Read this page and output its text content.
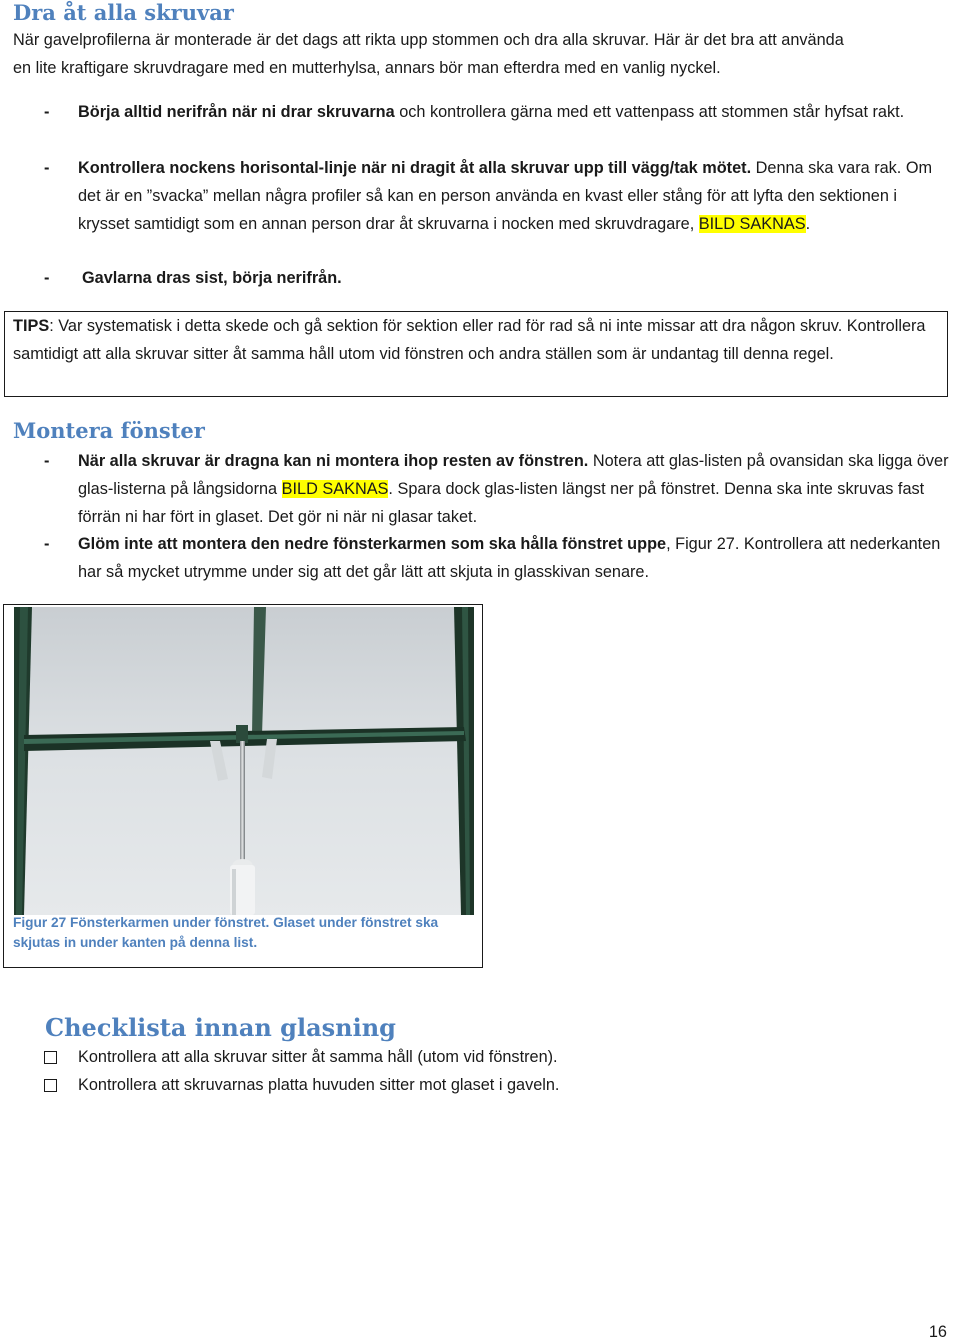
Dra åt alla skruvar

När gavelprofilerna är monterade är det dags att rikta upp stommen och dra alla skruvar. Här är det bra att använda
en lite kraftigare skruvdragare med en mutterhylsa, annars bör man efterdra med en vanlig nyckel.

- Börja alltid nerifrån när ni drar skruvarna och kontrollera gärna med ett vattenpass att stommen står hyfsat rakt.
- Kontrollera nockens horisontal-linje när ni dragit åt alla skruvar upp till vägg/tak mötet. Denna ska vara rak. Om det är en ”svacka” mellan några profiler så kan en person använda en kvast eller stång för att lyfta den sektionen i krysset samtidigt som en annan person drar åt skruvarna i nocken med skruvdragare, BILD SAKNAS.
- Gavlarna dras sist, börja nerifrån.
TIPS: Var systematisk i detta skede och gå sektion för sektion eller rad för rad så ni inte missar att dra någon skruv. Kontrollera samtidigt att alla skruvar sitter åt samma håll utom vid fönstren och andra ställen som är undantag till denna regel.
Montera fönster
- När alla skruvar är dragna kan ni montera ihop resten av fönstren. Notera att glas-listen på ovansidan ska ligga över glas-listerna på långsidorna BILD SAKNAS. Spara dock glas-listen längst ner på fönstret. Denna ska inte skruvas fast förrän ni har fört in glaset. Det gör ni när ni glasar taket.
- Glöm inte att montera den nedre fönsterkarmen som ska hålla fönstret uppe, Figur 27. Kontrollera att nederkanten har så mycket utrymme under sig att det går lätt att skjuta in glasskivan senare.
Figur 27 Fönsterkarmen under fönstret. Glaset under fönstret ska skjutas in under kanten på denna list.
Checklista innan glasning
Kontrollera att alla skruvar sitter åt samma håll (utom vid fönstren).
Kontrollera att skruvarnas platta huvuden sitter mot glaset i gaveln.
16
